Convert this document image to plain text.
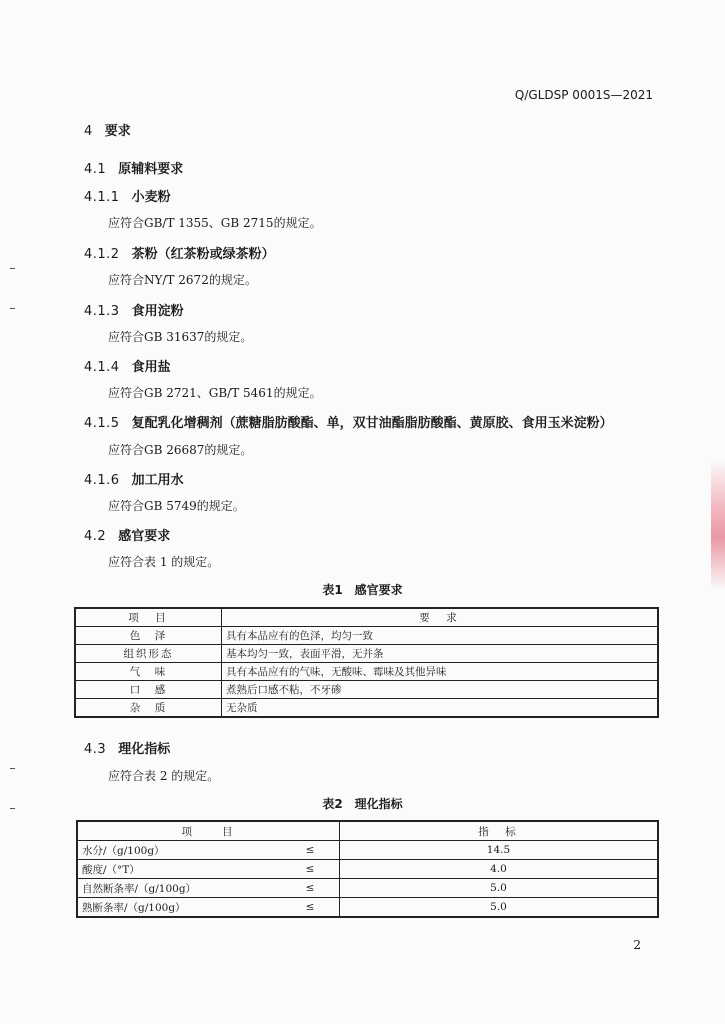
Q/GLDSP 0001S—2021
4 要求
4.1 原辅料要求
4.1.1 小麦粉
应符合GB/T 1355、GB 2715的规定。
4.1.2 茶粉（红茶粉或绿茶粉）
应符合NY/T 2672的规定。
4.1.3 食用淀粉
应符合GB 31637的规定。
4.1.4 食用盐
应符合GB 2721、GB/T 5461的规定。
4.1.5 复配乳化增稠剂（蔗糖脂肪酸酯、单，双甘油酯脂肪酸酯、黄原胶、食用玉米淀粉）
应符合GB 26687的规定。
4.1.6 加工用水
应符合GB 5749的规定。
4.2 感官要求
应符合表 1 的规定。
表1　感官要求
项　目	要　求
色　泽	具有本品应有的色泽，均匀一致
组织形态	基本均匀一致，表面平滑，无并条
气　味	具有本品应有的气味，无酸味、霉味及其他异味
口　感	煮熟后口感不粘，不牙碜
杂　质	无杂质
4.3 理化指标
应符合表 2 的规定。
表2　理化指标
项　　目		指　标
水分/（g/100g）	≤	14.5
酸度/（°T）	≤	4.0
自然断条率/（g/100g）	≤	5.0
熟断条率/（g/100g）	≤	5.0
2
